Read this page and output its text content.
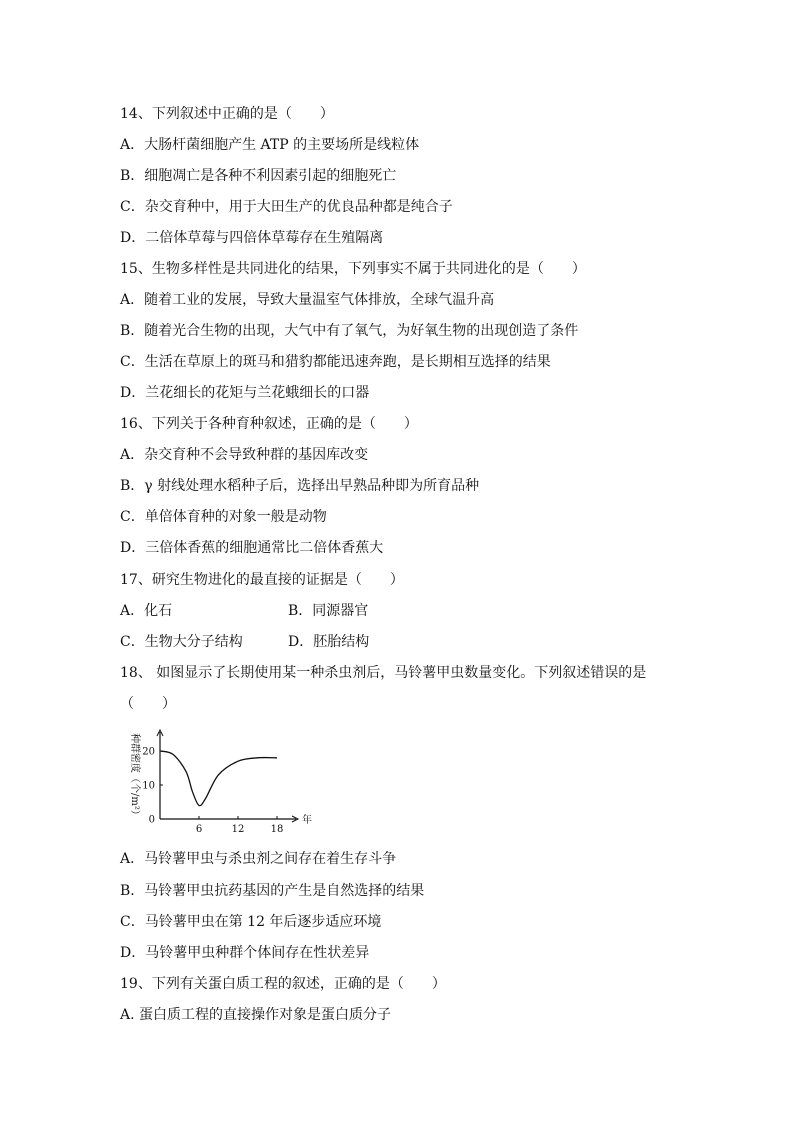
14、下列叙述中正确的是（　　）
A．大肠杆菌细胞产生 ATP 的主要场所是线粒体
B．细胞凋亡是各种不利因素引起的细胞死亡
C．杂交育种中，用于大田生产的优良品种都是纯合子
D．二倍体草莓与四倍体草莓存在生殖隔离
15、生物多样性是共同进化的结果，下列事实不属于共同进化的是（　　）
A．随着工业的发展，导致大量温室气体排放，全球气温升高
B．随着光合生物的出现，大气中有了氧气，为好氧生物的出现创造了条件
C．生活在草原上的斑马和猎豹都能迅速奔跑，是长期相互选择的结果
D．兰花细长的花矩与兰花蛾细长的口器
16、下列关于各种育种叙述，正确的是（　　）
A．杂交育种不会导致种群的基因库改变
B．γ 射线处理水稻种子后，选择出早熟品种即为所育品种
C．单倍体育种的对象一般是动物
D．三倍体香蕉的细胞通常比二倍体香蕉大
17、研究生物进化的最直接的证据是（　　）
A．化石	B．同源器官
C．生物大分子结构	D．胚胎结构
18、 如图显示了长期使用某一种杀虫剂后，马铃薯甲虫数量变化。下列叙述错误的是
（　　）
0
10
20
6	12	18
种群密度（个/m²）
年
A．马铃薯甲虫与杀虫剂之间存在着生存斗争
B．马铃薯甲虫抗药基因的产生是自然选择的结果
C．马铃薯甲虫在第 12 年后逐步适应环境
D．马铃薯甲虫种群个体间存在性状差异
19、下列有关蛋白质工程的叙述，正确的是（　　）
A. 蛋白质工程的直接操作对象是蛋白质分子
